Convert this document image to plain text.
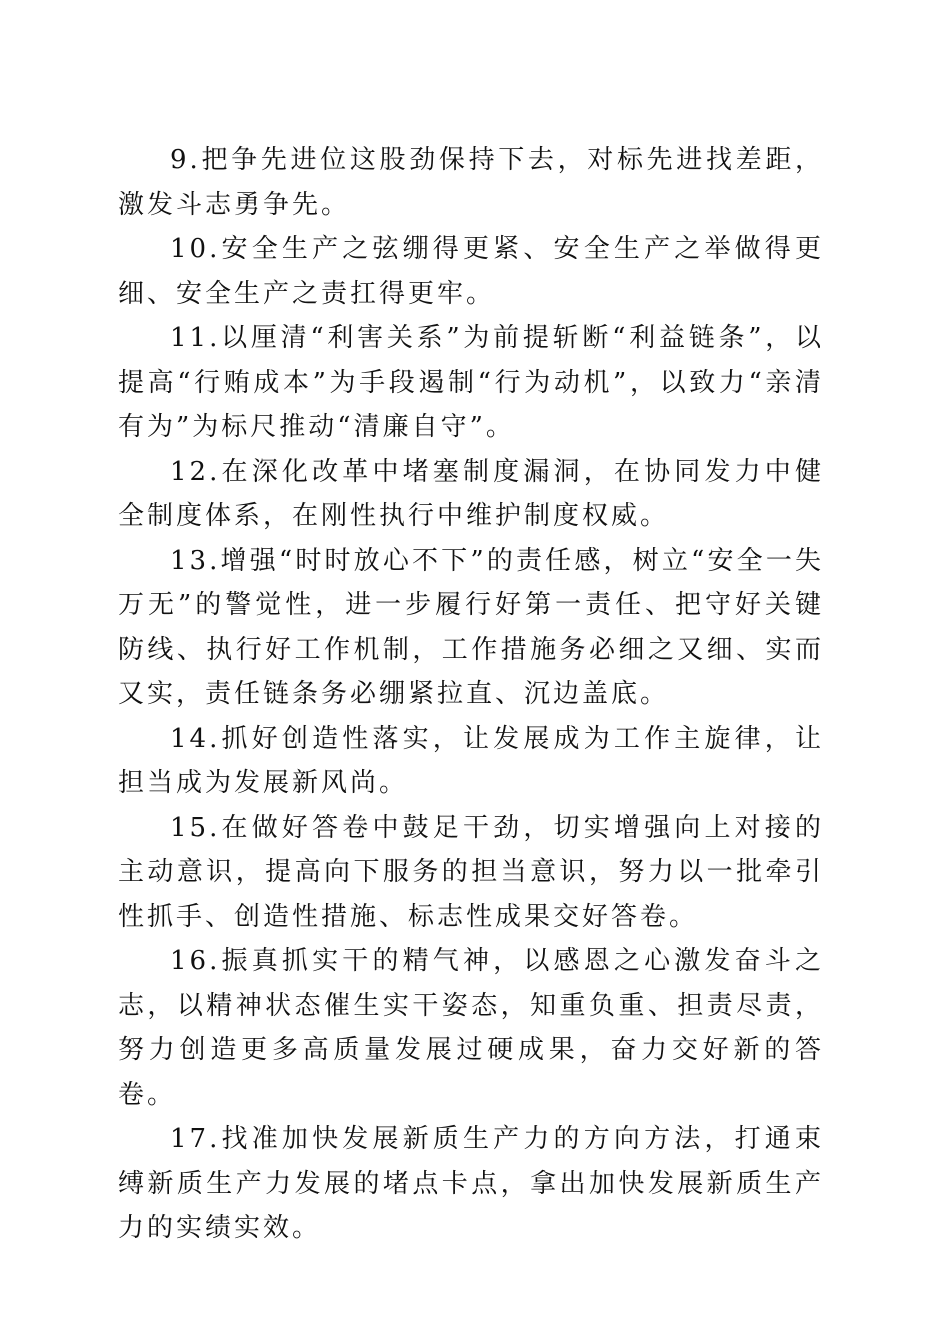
9.把争先进位这股劲保持下去，对标先进找差距，激发斗志勇争先。

10.安全生产之弦绷得更紧、安全生产之举做得更细、安全生产之责扛得更牢。

11.以厘清“利害关系”为前提斩断“利益链条”，以提高“行贿成本”为手段遏制“行为动机”，以致力“亲清有为”为标尺推动“清廉自守”。

12.在深化改革中堵塞制度漏洞，在协同发力中健全制度体系，在刚性执行中维护制度权威。

13.增强“时时放心不下”的责任感，树立“安全一失万无”的警觉性，进一步履行好第一责任、把守好关键防线、执行好工作机制，工作措施务必细之又细、实而又实，责任链条务必绷紧拉直、沉边盖底。

14.抓好创造性落实，让发展成为工作主旋律，让担当成为发展新风尚。

15.在做好答卷中鼓足干劲，切实增强向上对接的主动意识，提高向下服务的担当意识，努力以一批牵引性抓手、创造性措施、标志性成果交好答卷。

16.振真抓实干的精气神，以感恩之心激发奋斗之志，以精神状态催生实干姿态，知重负重、担责尽责，努力创造更多高质量发展过硬成果，奋力交好新的答卷。

17.找准加快发展新质生产力的方向方法，打通束缚新质生产力发展的堵点卡点，拿出加快发展新质生产力的实绩实效。
